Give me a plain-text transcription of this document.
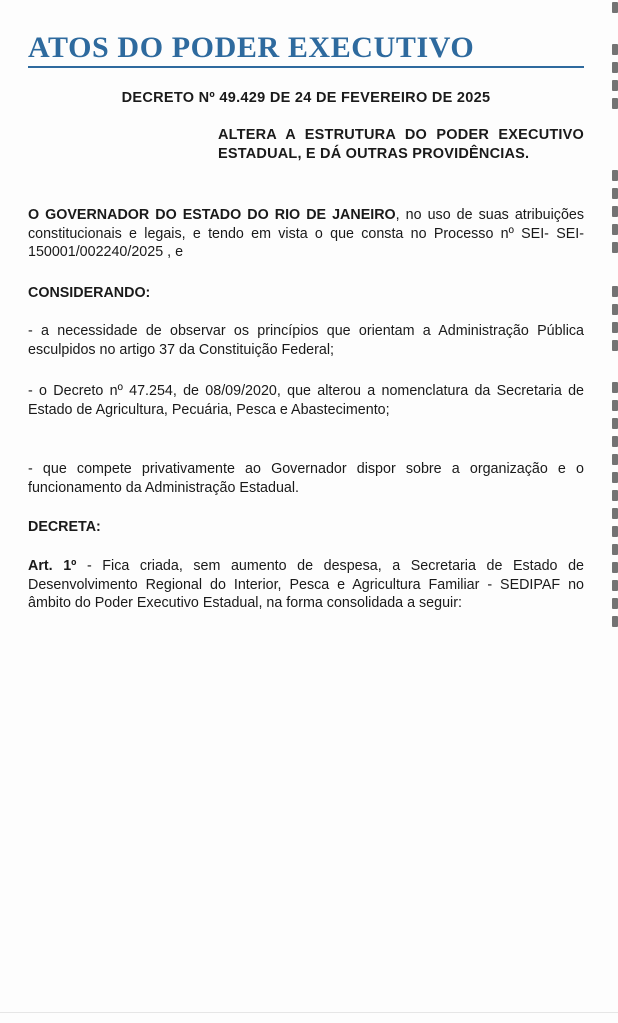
ATOS DO PODER EXECUTIVO
DECRETO Nº 49.429 DE 24 DE FEVEREIRO DE 2025
ALTERA A ESTRUTURA DO PODER EXECUTIVO ESTADUAL, E DÁ OUTRAS PROVIDÊNCIAS.
O GOVERNADOR DO ESTADO DO RIO DE JANEIRO, no uso de suas atribuições constitucionais e legais, e tendo em vista o que consta no Processo nº SEI- SEI-150001/002240/2025 , e
CONSIDERANDO:
- a necessidade de observar os princípios que orientam a Administração Pública esculpidos no artigo 37 da Constituição Federal;
- o Decreto nº 47.254, de 08/09/2020, que alterou a nomenclatura da Secretaria de Estado de Agricultura, Pecuária, Pesca e Abastecimento;
- que compete privativamente ao Governador dispor sobre a organização e o funcionamento da Administração Estadual.
DECRETA:
Art. 1º - Fica criada, sem aumento de despesa, a Secretaria de Estado de Desenvolvimento Regional do Interior, Pesca e Agricultura Familiar - SEDIPAF no âmbito do Poder Executivo Estadual, na forma consolidada a seguir:
